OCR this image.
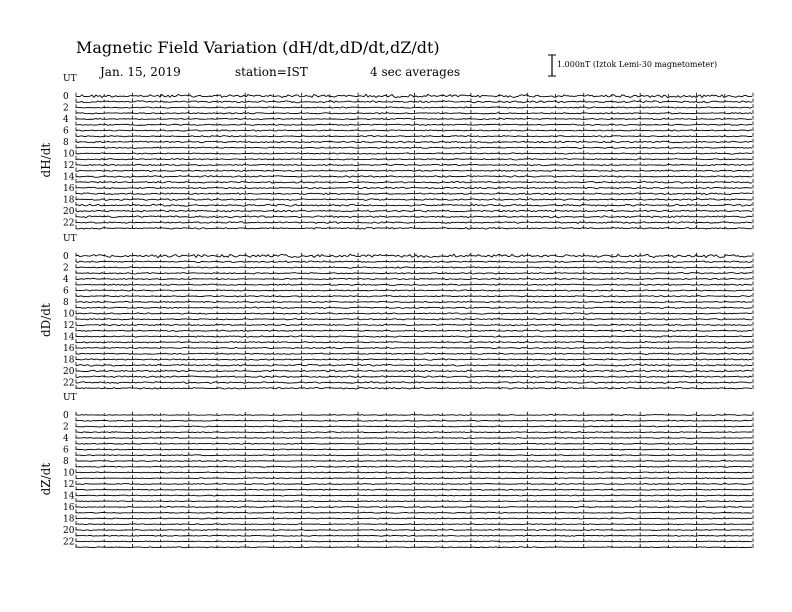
Magnetic Field Variation (dH/dt,dD/dt,dZ/dt)
Jan. 15, 2019	station=IST	4 sec averages
1.000nT (Iztok Lemi-30 magnetometer)
UT
dH/dt
0
2
4
6
8
10
12
14
16
18
20
22
UT
dD/dt
0
2
4
6
8
10
12
14
16
18
20
22
UT
dZ/dt
0
2
4
6
8
10
12
14
16
18
20
22
